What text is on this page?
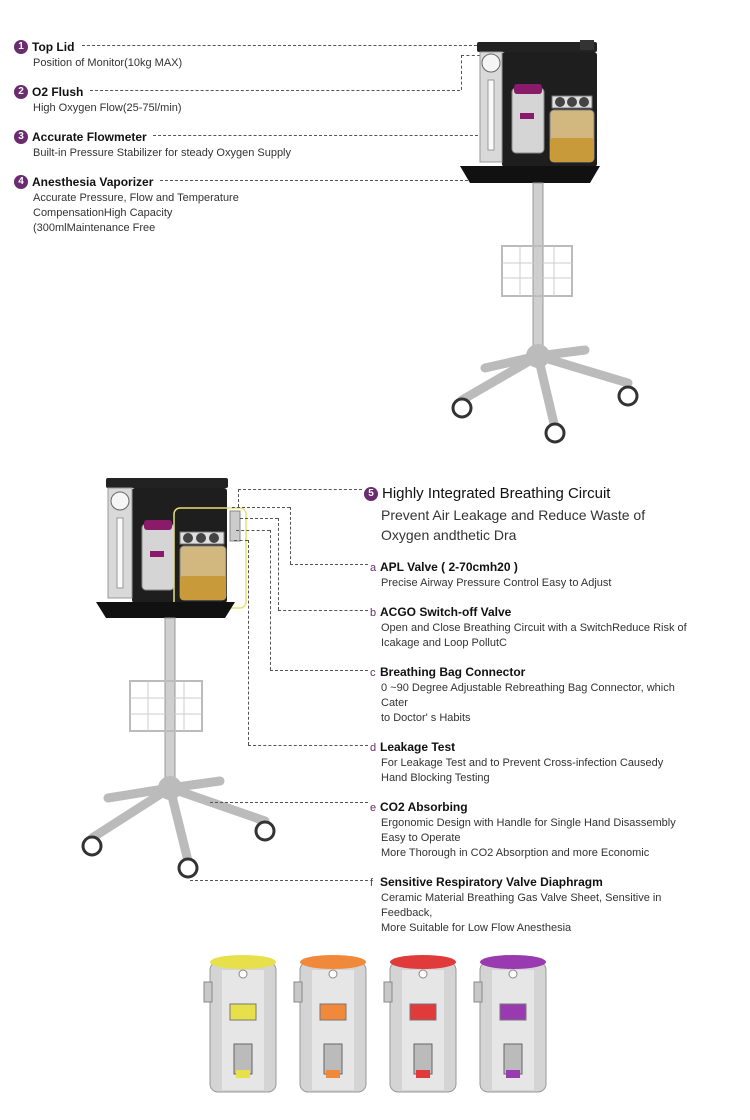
1 Top Lid
Position of Monitor(10kg MAX)
2 O2 Flush
High Oxygen Flow(25-75l/min)
3 Accurate Flowmeter
Built-in Pressure Stabilizer for steady Oxygen Supply
4 Anesthesia Vaporizer
Accurate Pressure, Flow and Temperature
CompensationHigh Capacity
(300mlMaintenance Free
5 Highly Integrated Breathing Circuit
Prevent Air Leakage and Reduce Waste of
Oxygen andthetic Dra
a APL Valve ( 2-70cmh20 )
Precise Airway Pressure Control Easy to Adjust
b ACGO Switch-off Valve
Open and Close Breathing Circuit with a SwitchReduce Risk of
Icakage and Loop PollutC
c Breathing Bag Connector
0 ~90 Degree Adjustable Rebreathing Bag Connector, which
Cater
to Doctor' s Habits
d Leakage Test
For Leakage Test and to Prevent Cross-infection Causedy
Hand Blocking Testing
e CO2 Absorbing
Ergonomic Design with Handle for Single Hand Disassembly
Easy to Operate
More Thorough in CO2 Absorption and more Economic
f Sensitive Respiratory Valve Diaphragm
Ceramic Material Breathing Gas Valve Sheet, Sensitive in
Feedback,
More Suitable for Low Flow Anesthesia
